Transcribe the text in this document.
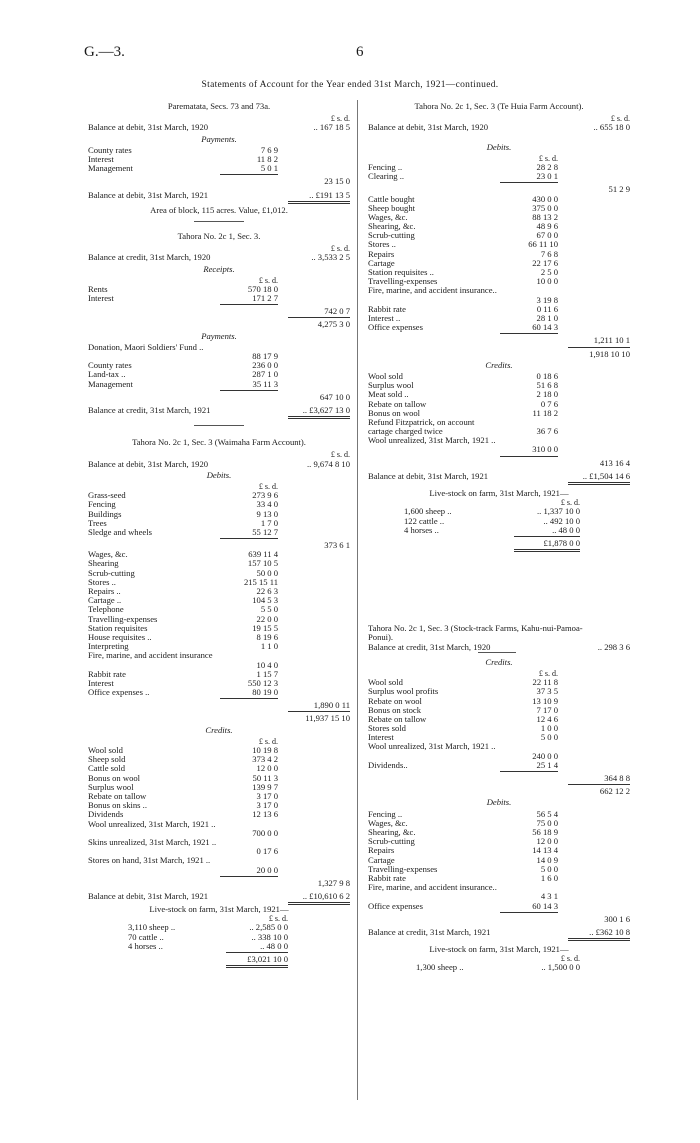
G.—3.	6
Statements of Account for the Year ended 31st March, 1921—continued.
Parematata, Secs. 73 and 73a.
£ s. d.
Balance at debit, 31st March, 1920	.. 167 18 5
Payments.
County rates	7 6 9
Interest	11 8 2
Management	5 0 1
23 15 0
Balance at debit, 31st March, 1921	.. £191 13 5
Area of block, 115 acres. Value, £1,012.
Tahora No. 2c 1, Sec. 3.
£ s. d.
Balance at credit, 31st March, 1920	.. 3,533 2 5
Receipts.
£ s. d.
Rents	570 18 0
Interest	171 2 7
742 0 7
4,275 3 0
Payments.
Donation, Maori Soldiers' Fund ..
88 17 9
County rates	236 0 0
Land-tax ..	287 1 0
Management	35 11 3
647 10 0
Balance at credit, 31st March, 1921	.. £3,627 13 0
Tahora No. 2c 1, Sec. 3 (Waimaha Farm Account).
£ s. d.
Balance at debit, 31st March, 1920	.. 9,674 8 10
Debits.
£ s. d.
Grass-seed	273 9 6
Fencing	33 4 0
Buildings	9 13 0
Trees	1 7 0
Sledge and wheels	55 12 7
373 6 1
Wages, &c.	639 11 4
Shearing	157 10 5
Scrub-cutting	50 0 0
Stores ..	215 15 11
Repairs ..	22 6 3
Cartage ..	104 5 3
Telephone	5 5 0
Travelling-expenses	22 0 0
Station requisites	19 15 5
House requisites ..	8 19 6
Interpreting	1 1 0
Fire, marine, and accident insurance
10 4 0
Rabbit rate	1 15 7
Interest	550 12 3
Office expenses ..	80 19 0
1,890 0 11
11,937 15 10
Credits.
£ s. d.
Wool sold	10 19 8
Sheep sold	373 4 2
Cattle sold	12 0 0
Bonus on wool	50 11 3
Surplus wool	139 9 7
Rebate on tallow	3 17 0
Bonus on skins ..	3 17 0
Dividends	12 13 6
Wool unrealized, 31st March, 1921 ..
700 0 0
Skins unrealized, 31st March, 1921 ..
0 17 6
Stores on hand, 31st March, 1921 ..
20 0 0
1,327 9 8
Balance at debit, 31st March, 1921	.. £10,610 6 2
Live-stock on farm, 31st March, 1921—
£ s. d.
3,110 sheep ..	.. 2,585 0 0
70 cattle ..	.. 338 10 0
4 horses ..	.. 48 0 0
£3,021 10 0
Tahora No. 2c 1, Sec. 3 (Te Huia Farm Account).
£ s. d.
Balance at debit, 31st March, 1920	.. 655 18 0
Debits.
£ s. d.
Fencing ..	28 2 8
Clearing ..	23 0 1
51 2 9
Cattle bought	430 0 0
Sheep bought	375 0 0
Wages, &c.	88 13 2
Shearing, &c.	48 9 6
Scrub-cutting	67 0 0
Stores ..	66 11 10
Repairs	7 6 8
Cartage	22 17 6
Station requisites ..	2 5 0
Travelling-expenses	10 0 0
Fire, marine, and accident insurance..
3 19 8
Rabbit rate	0 11 6
Interest ..	28 1 0
Office expenses	60 14 3
1,211 10 1
1,918 10 10
Credits.
Wool sold	0 18 6
Surplus wool	51 6 8
Meat sold ..	2 18 0
Rebate on tallow	0 7 6
Bonus on wool	11 18 2
Refund Fitzpatrick, on account cartage charged twice	36 7 6
Wool unrealized, 31st March, 1921 ..
310 0 0
413 16 4
Balance at debit, 31st March, 1921	.. £1,504 14 6
Live-stock on farm, 31st March, 1921—
£ s. d.
1,600 sheep ..	.. 1,337 10 0
122 cattle ..	.. 492 10 0
4 horses ..	.. 48 0 0
£1,878 0 0
Tahora No. 2c 1, Sec. 3 (Stock-track Farms, Kahu-nui-Pamoa-Ponui).
Balance at credit, 31st March, 1920	.. 298 3 6
Credits.
£ s. d.
Wool sold	22 11 8
Surplus wool profits	37 3 5
Rebate on wool	13 10 9
Bonus on stock	7 17 0
Rebate on tallow	12 4 6
Stores sold	1 0 0
Interest	5 0 0
Wool unrealized, 31st March, 1921 ..
240 0 0
Dividends..	25 1 4
364 8 8
662 12 2
Debits.
Fencing ..	56 5 4
Wages, &c.	75 0 0
Shearing, &c.	56 18 9
Scrub-cutting	12 0 0
Repairs	14 13 4
Cartage	14 0 9
Travelling-expenses	5 0 0
Rabbit rate	1 6 0
Fire, marine, and accident insurance..
4 3 1
Office expenses	60 14 3
300 1 6
Balance at credit, 31st March, 1921	.. £362 10 8
Live-stock on farm, 31st March, 1921—
£ s. d.
1,300 sheep ..	.. 1,500 0 0
